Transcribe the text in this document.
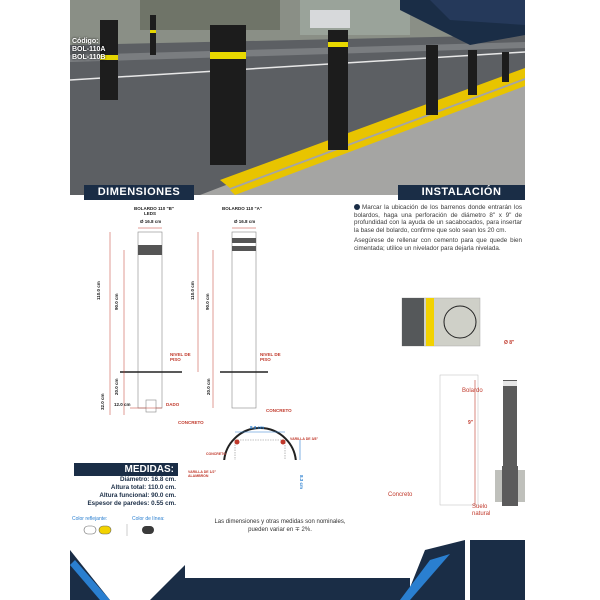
Código:
BOL-110A
BOL-110B
DIMENSIONES	INSTALACIÓN
BOLARDO 110 "B"
LEDS
BOLARDO 110 "A"
Ø 16.8 cm	Ø 16.8 cm
110.0 cm
90.0 cm
110.0 cm
90.0 cm
20.0 cm
32.0 cm
20.0 cm
12.0 cm
NIVEL DE PISO
NIVEL DE PISO
DADO
CONCRETO
CONCRETO
8.3 cm
8.3 cm
VARILLA DE 3/8"
VARILLA DE 1/2" ALAMBRON
CONCRETO

Marcar la ubicación de los barrenos donde entrarán los bolardos, haga una perforación de diámetro 8" x 9" de profundidad con la ayuda de un sacabocados, para insertar la base del bolardo, confirme que solo sean los 20 cm.

Asegúrese de rellenar con cemento para que quede bien cimentada; utilice un nivelador para dejarla nivelada.

Ø 8"
9"
Bolardo
Concreto
Suelo natural
MEDIDAS:
Diámetro: 16.8 cm.
Altura total: 110.0 cm.
Altura funcional: 90.0 cm.
Espesor de paredes: 0.55 cm.
Color reflejante:	Color de línea:	Las dimensiones y otras medidas son nominales, pueden variar en ∓ 2%.
